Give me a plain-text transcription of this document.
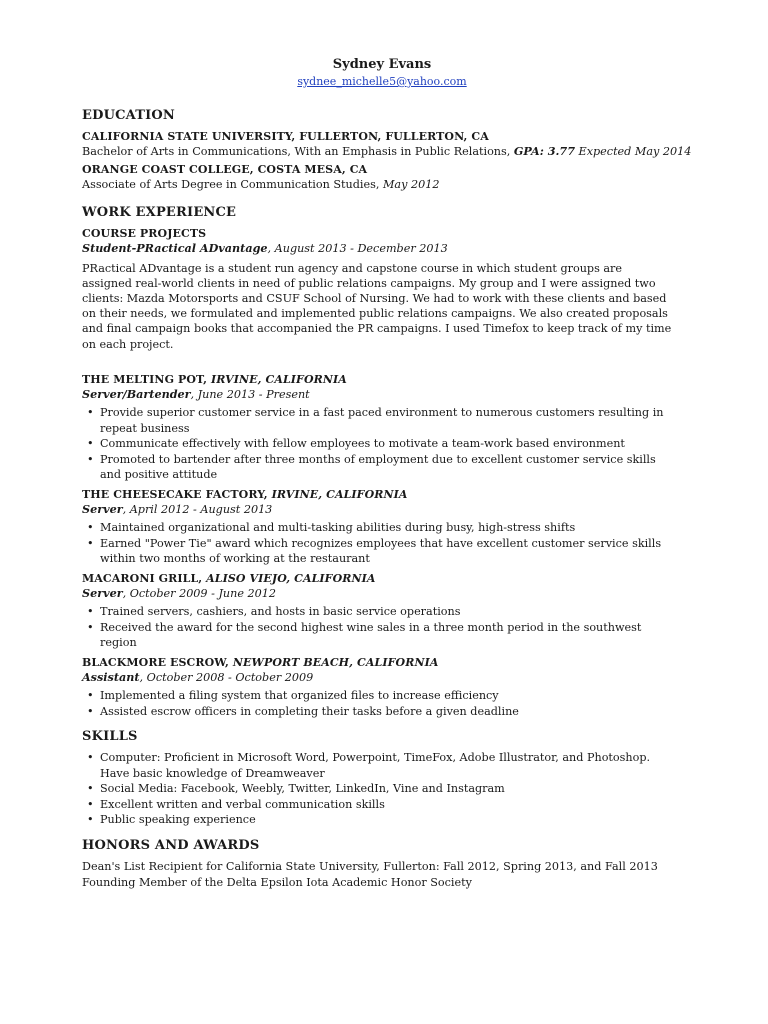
Sydney Evans
sydnee_michelle5@yahoo.com
EDUCATION
CALIFORNIA STATE UNIVERSITY, FULLERTON, FULLERTON, CA
Bachelor of Arts in Communications, With an Emphasis in Public Relations, GPA: 3.77 Expected May 2014
ORANGE COAST COLLEGE, COSTA MESA, CA
Associate of Arts Degree in Communication Studies, May 2012
WORK EXPERIENCE
COURSE PROJECTS
Student-PRactical ADvantage, August 2013 - December 2013
PRactical ADvantage is a student run agency and capstone course in which student groups are assigned real-world clients in need of public relations campaigns. My group and I were assigned two clients: Mazda Motorsports and CSUF School of Nursing. We had to work with these clients and based on their needs, we formulated and implemented public relations campaigns. We also created proposals and final campaign books that accompanied the PR campaigns. I used Timefox to keep track of my time on each project.
THE MELTING POT, IRVINE, CALIFORNIA
Server/Bartender, June 2013 - Present
• Provide superior customer service in a fast paced environment to numerous customers resulting in repeat business
• Communicate effectively with fellow employees to motivate a team-work based environment
• Promoted to bartender after three months of employment due to excellent customer service skills and positive attitude
THE CHEESECAKE FACTORY, IRVINE, CALIFORNIA
Server, April 2012 - August 2013
• Maintained organizational and multi-tasking abilities during busy, high-stress shifts
• Earned "Power Tie" award which recognizes employees that have excellent customer service skills within two months of working at the restaurant
MACARONI GRILL, ALISO VIEJO, CALIFORNIA
Server, October 2009 - June 2012
• Trained servers, cashiers, and hosts in basic service operations
• Received the award for the second highest wine sales in a three month period in the southwest region
BLACKMORE ESCROW, NEWPORT BEACH, CALIFORNIA
Assistant, October 2008 - October 2009
• Implemented a filing system that organized files to increase efficiency
• Assisted escrow officers in completing their tasks before a given deadline
SKILLS
• Computer: Proficient in Microsoft Word, Powerpoint, TimeFox, Adobe Illustrator, and Photoshop. Have basic knowledge of Dreamweaver
• Social Media: Facebook, Weebly, Twitter, LinkedIn, Vine and Instagram
• Excellent written and verbal communication skills
• Public speaking experience
HONORS AND AWARDS
Dean's List Recipient for California State University, Fullerton: Fall 2012, Spring 2013, and Fall 2013
Founding Member of the Delta Epsilon Iota Academic Honor Society
